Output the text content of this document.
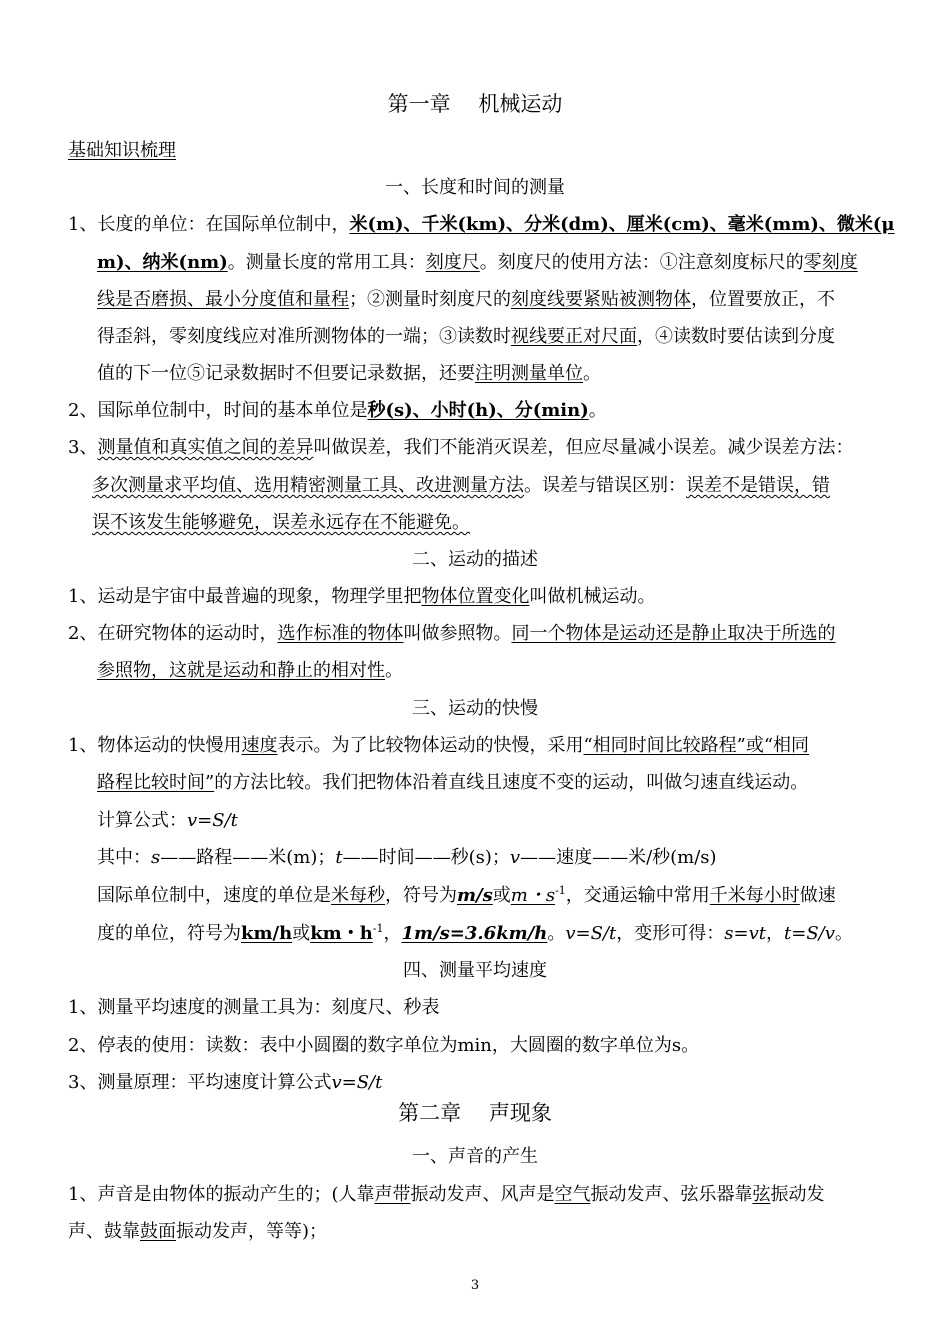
第一章　 机械运动
基础知识梳理
一、长度和时间的测量
1、长度的单位：在国际单位制中，米(m)、千米(km)、分米(dm)、厘米(cm)、毫米(mm)、微米(μ
m)、纳米(nm)。测量长度的常用工具：刻度尺。刻度尺的使用方法：①注意刻度标尺的零刻度
线是否磨损、最小分度值和量程；②测量时刻度尺的刻度线要紧贴被测物体，位置要放正，不
得歪斜，零刻度线应对准所测物体的一端；③读数时视线要正对尺面，④读数时要估读到分度
值的下一位⑤记录数据时不但要记录数据，还要注明测量单位。
2、国际单位制中，时间的基本单位是秒(s)、小时(h)、分(min)。
3、测量值和真实值之间的差异叫做误差，我们不能消灭误差，但应尽量减小误差。减少误差方法：
多次测量求平均值、选用精密测量工具、改进测量方法。误差与错误区别：误差不是错误，错
误不该发生能够避免，误差永远存在不能避免。
二、运动的描述
1、运动是宇宙中最普遍的现象，物理学里把物体位置变化叫做机械运动。
2、在研究物体的运动时，选作标准的物体叫做参照物。同一个物体是运动还是静止取决于所选的
参照物，这就是运动和静止的相对性。
三、运动的快慢
1、物体运动的快慢用速度表示。为了比较物体运动的快慢，采用“相同时间比较路程”或“相同
路程比较时间”的方法比较。我们把物体沿着直线且速度不变的运动，叫做匀速直线运动。
计算公式：v=S/t
其中：s——路程——米(m)；t——时间——秒(s)；v——速度——米/秒(m/s)
国际单位制中，速度的单位是米每秒，符号为m/s或m・$s^{-1}$，交通运输中常用千米每小时做速
度的单位，符号为km/h或km・$h^{-1}$，1m/s=3.6km/h。v=S/t，变形可得：s=vt，t=S/v。
四、测量平均速度
1、测量平均速度的测量工具为：刻度尺、秒表
2、停表的使用：读数：表中小圆圈的数字单位为min，大圆圈的数字单位为s。
3、测量原理：平均速度计算公式v=S/t
第二章　 声现象
一、声音的产生
1、声音是由物体的振动产生的；(人靠声带振动发声、风声是空气振动发声、弦乐器靠弦振动发
声、鼓靠鼓面振动发声，等等)；
3
